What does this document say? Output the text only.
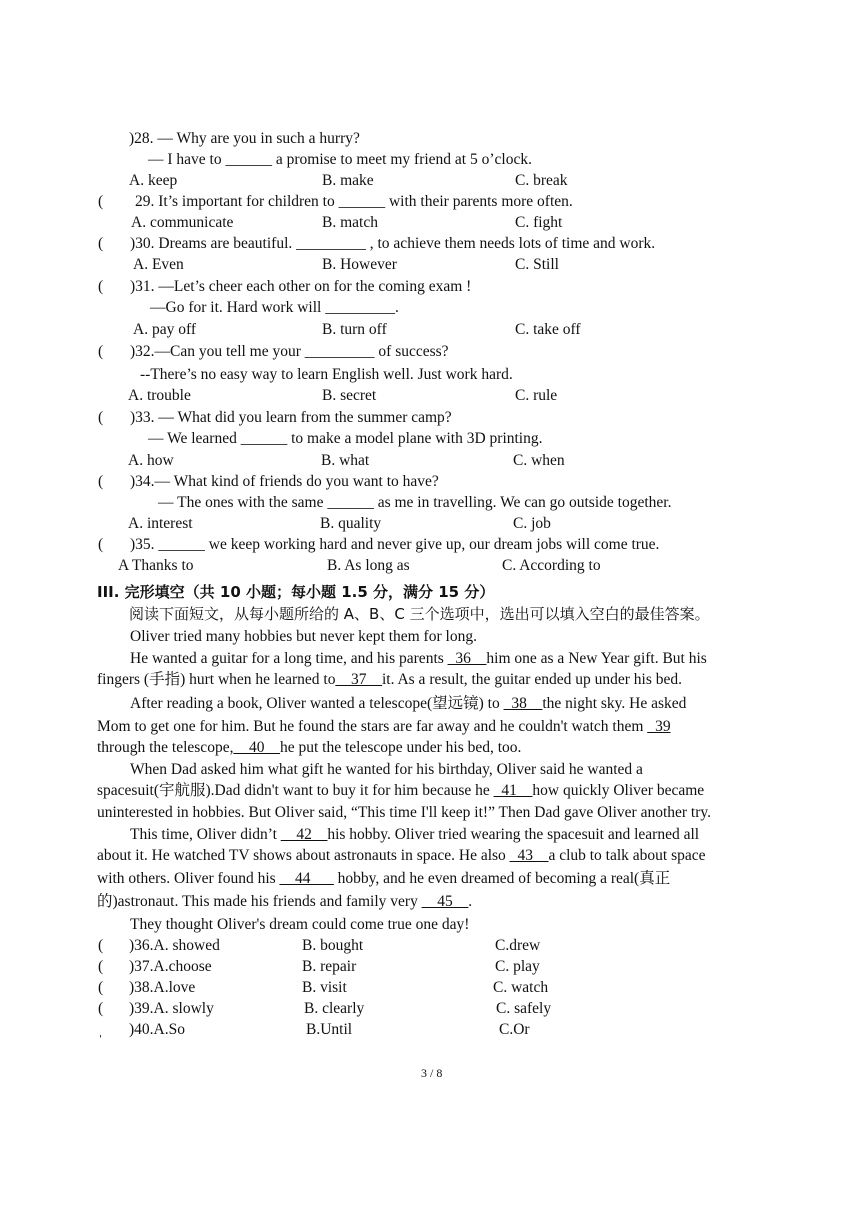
)28. — Why are you in such a hurry?
— I have to ______ a promise to meet my friend at 5 o’clock.
A. keep	B. make	C. break
( 29. It’s important for children to ______ with their parents more often.
A. communicate	B. match	C. fight
( )30. Dreams are beautiful. _________ , to achieve them needs lots of time and work.
A. Even	B. However	C. Still
( )31. —Let’s cheer each other on for the coming exam !
—Go for it. Hard work will _________.
A. pay off	B. turn off	C. take off
( )32.—Can you tell me your _________ of success?
--There’s no easy way to learn English well. Just work hard.
A. trouble	B. secret	C. rule
( )33. — What did you learn from the summer camp?
— We learned ______ to make a model plane with 3D printing.
A. how	B. what	C. when
( )34.— What kind of friends do you want to have?
— The ones with the same ______ as me in travelling. We can go outside together.
A. interest	B. quality	C. job
( )35. ______ we keep working hard and never give up, our dream jobs will come true.
A Thanks to	B. As long as	C. According to
III. 完形填空（共 10 小题；每小题 1.5 分，满分 15 分）
阅读下面短文，从每小题所给的 A、B、C 三个选项中，选出可以填入空白的最佳答案。
Oliver tried many hobbies but never kept them for long.
He wanted a guitar for a long time, and his parents _36__him one as a New Year gift. But his
fingers (手指) hurt when he learned to__37__it. As a result, the guitar ended up under his bed.
After reading a book, Oliver wanted a telescope(望远镜) to _38__the night sky. He asked
Mom to get one for him. But he found the stars are far away and he couldn't watch them _39
through the telescope,__40__he put the telescope under his bed, too.
When Dad asked him what gift he wanted for his birthday, Oliver said he wanted a
spacesuit(宇航服).Dad didn't want to buy it for him because he _41__how quickly Oliver became
uninterested in hobbies. But Oliver said, “This time I'll keep it!” Then Dad gave Oliver another try.
This time, Oliver didn’t __42__his hobby. Oliver tried wearing the spacesuit and learned all
about it. He watched TV shows about astronauts in space. He also _43__a club to talk about space
with others. Oliver found his __44___ hobby, and he even dreamed of becoming a real(真正
的)astronaut. This made his friends and family very __45__.
They thought Oliver's dream could come true one day!
( )36.A. showed	B. bought	C.drew
( )37.A.choose	B. repair	C. play
( )38.A.love	B. visit	C. watch
( )39.A. slowly	B. clearly	C. safely
ˌ )40.A.So	B.Until	C.Or
3 / 8
